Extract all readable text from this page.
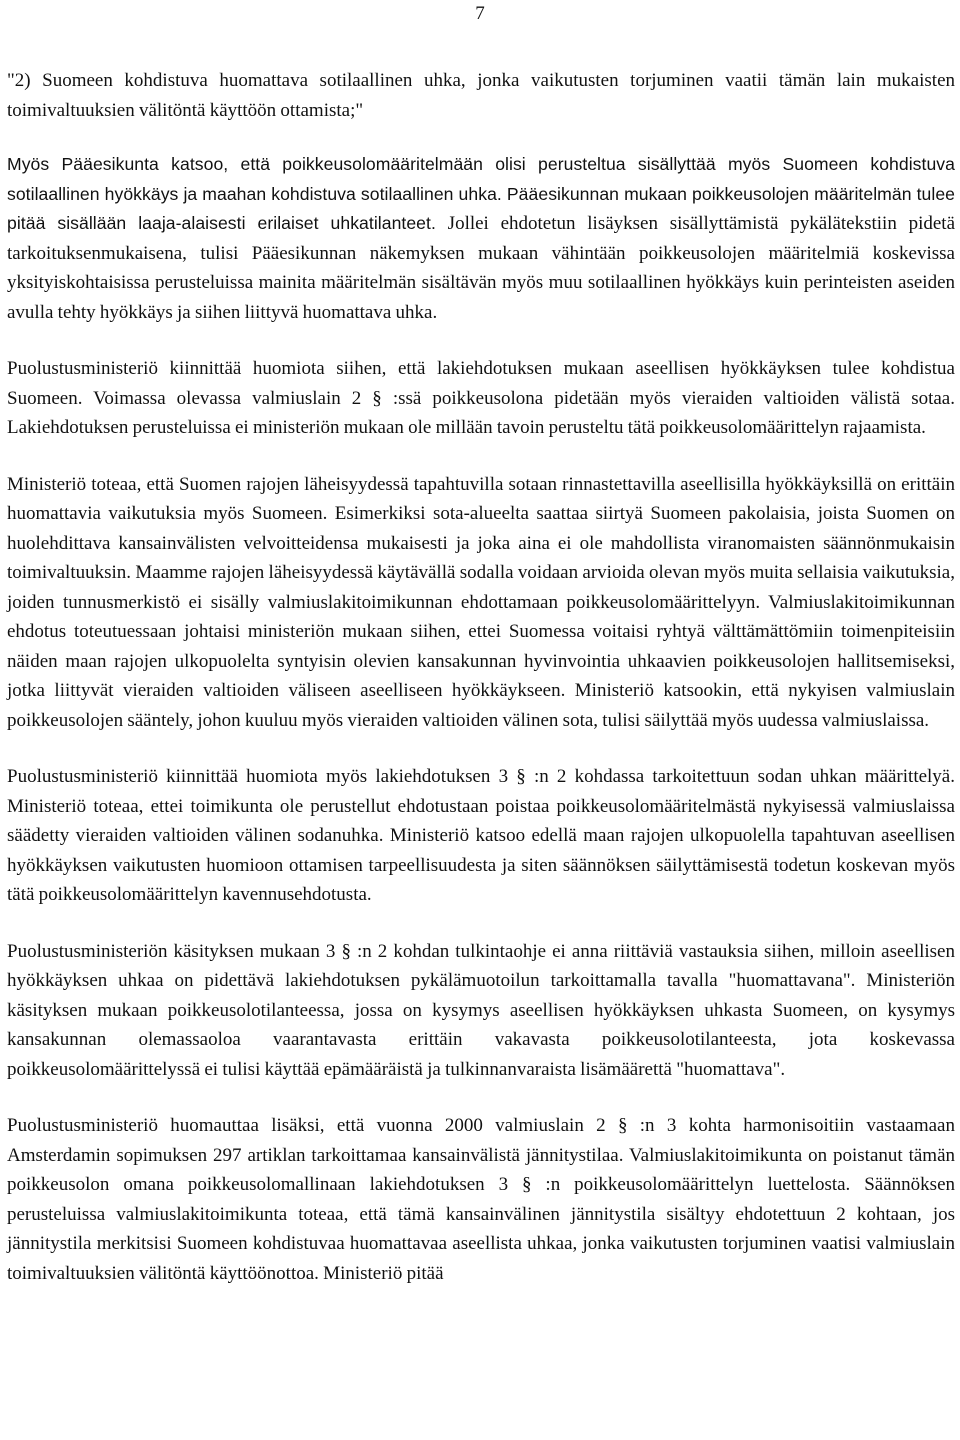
7

"2) Suomeen kohdistuva huomattava sotilaallinen uhka, jonka vaikutusten torjuminen vaatii tämän lain mukaisten toimivaltuuksien välitöntä käyttöön ottamista;"

Myös Pääesikunta katsoo, että poikkeusolomääritelmään olisi perusteltua sisällyttää myös Suomeen kohdistuva sotilaallinen hyökkäys ja maahan kohdistuva sotilaallinen uhka. Pääesikunnan mukaan poikkeusolojen määritelmän tulee pitää sisällään laaja-alaisesti erilaiset uhkatilanteet. Jollei ehdotetun lisäyksen sisällyttämistä pykälätekstiin pidetä tarkoituksenmukaisena, tulisi Pääesikunnan näkemyksen mukaan vähintään poikkeusolojen määritelmiä koskevissa yksityiskohtaisissa perusteluissa mainita määritelmän sisältävän myös muu sotilaallinen hyökkäys kuin perinteisten aseiden avulla tehty hyökkäys ja siihen liittyvä huomattava uhka.

Puolustusministeriö kiinnittää huomiota siihen, että lakiehdotuksen mukaan aseellisen hyökkäyksen tulee kohdistua Suomeen. Voimassa olevassa valmiuslain 2 § :ssä poikkeusolona pidetään myös vieraiden valtioiden välistä sotaa. Lakiehdotuksen perusteluissa ei ministeriön mukaan ole millään tavoin perusteltu tätä poikkeusolomäärittelyn rajaamista.

Ministeriö toteaa, että Suomen rajojen läheisyydessä tapahtuvilla sotaan rinnastettavilla aseellisilla hyökkäyksillä on erittäin huomattavia vaikutuksia myös Suomeen. Esimerkiksi sota-alueelta saattaa siirtyä Suomeen pakolaisia, joista Suomen on huolehdittava kansainvälisten velvoitteidensa mukaisesti ja joka aina ei ole mahdollista viranomaisten säännönmukaisin toimivaltuuksin. Maamme rajojen läheisyydessä käytävällä sodalla voidaan arvioida olevan myös muita sellaisia vaikutuksia, joiden tunnusmerkistö ei sisälly valmiuslakitoimikunnan ehdottamaan poikkeusolomäärittelyyn. Valmiuslakitoimikunnan ehdotus toteutuessaan johtaisi ministeriön mukaan siihen, ettei Suomessa voitaisi ryhtyä välttämättömiin toimenpiteisiin näiden maan rajojen ulkopuolelta syntyisin olevien kansakunnan hyvinvointia uhkaavien poikkeusolojen hallitsemiseksi, jotka liittyvät vieraiden valtioiden väliseen aseelliseen hyökkäykseen. Ministeriö katsookin, että nykyisen valmiuslain poikkeusolojen sääntely, johon kuuluu myös vieraiden valtioiden välinen sota, tulisi säilyttää myös uudessa valmiuslaissa.

Puolustusministeriö kiinnittää huomiota myös lakiehdotuksen 3 § :n 2 kohdassa tarkoitettuun sodan uhkan määrittelyä. Ministeriö toteaa, ettei toimikunta ole perustellut ehdotustaan poistaa poikkeusolomääritelmästä nykyisessä valmiuslaissa säädetty vieraiden valtioiden välinen sodanuhka. Ministeriö katsoo edellä maan rajojen ulkopuolella tapahtuvan aseellisen hyökkäyksen vaikutusten huomioon ottamisen tarpeellisuudesta ja siten säännöksen säilyttämisestä todetun koskevan myös tätä poikkeusolomäärittelyn kavennusehdotusta.

Puolustusministeriön käsityksen mukaan 3 § :n 2 kohdan tulkintaohje ei anna riittäviä vastauksia siihen, milloin aseellisen hyökkäyksen uhkaa on pidettävä lakiehdotuksen pykälämuotoilun tarkoittamalla tavalla "huomattavana". Ministeriön käsityksen mukaan poikkeusolotilanteessa, jossa on kysymys aseellisen hyökkäyksen uhkasta Suomeen, on kysymys kansakunnan olemassaoloa vaarantavasta erittäin vakavasta poikkeusolotilanteesta, jota koskevassa poikkeusolomäärittelyssä ei tulisi käyttää epämääräistä ja tulkinnanvaraista lisämäärettä "huomattava".

Puolustusministeriö huomauttaa lisäksi, että vuonna 2000 valmiuslain 2 § :n 3 kohta harmonisoitiin vastaamaan Amsterdamin sopimuksen 297 artiklan tarkoittamaa kansainvälistä jännitystilaa. Valmiuslakitoimikunta on poistanut tämän poikkeusolon omana poikkeusolomallinaan lakiehdotuksen 3 § :n poikkeusolomäärittelyn luettelosta. Säännöksen perusteluissa valmiuslakitoimikunta toteaa, että tämä kansainvälinen jännitystila sisältyy ehdotettuun 2 kohtaan, jos jännitystila merkitsisi Suomeen kohdistuvaa huomattavaa aseellista uhkaa, jonka vaikutusten torjuminen vaatisi valmiuslain toimivaltuuksien välitöntä käyttöönottoa. Ministeriö pitää
